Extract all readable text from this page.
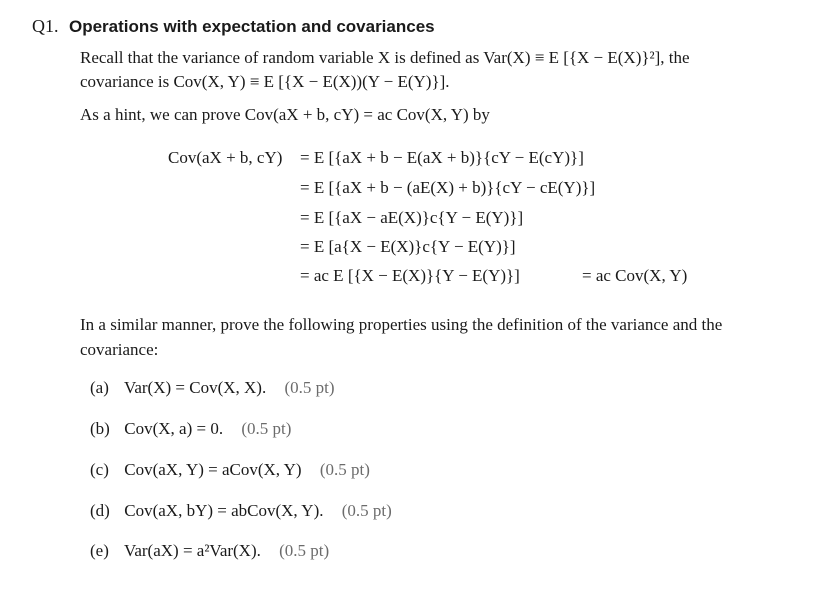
Q1. Operations with expectation and covariances
Recall that the variance of random variable X is defined as Var(X) ≡ E [{X − E(X)}²], the
covariance is Cov(X, Y) ≡ E [{X − E(X))(Y − E(Y)}].
As a hint, we can prove Cov(aX + b, cY) = ac Cov(X, Y) by
Cov(aX + b, cY) = E [{aX + b − E(aX + b)}{cY − E(cY)}]
= E [{aX + b − (aE(X) + b)}{cY − cE(Y)}]
= E [{aX − aE(X)}c{Y − E(Y)}]
= E [a{X − E(X)}c{Y − E(Y)}]
= ac E [{X − E(X)}{Y − E(Y)}]	= ac Cov(X, Y)
In a similar manner, prove the following properties using the definition of the variance and the
covariance:
(a) Var(X) = Cov(X, X). (0.5 pt)
(b) Cov(X, a) = 0. (0.5 pt)
(c) Cov(aX, Y) = aCov(X, Y) (0.5 pt)
(d) Cov(aX, bY) = abCov(X, Y). (0.5 pt)
(e) Var(aX) = a²Var(X). (0.5 pt)
